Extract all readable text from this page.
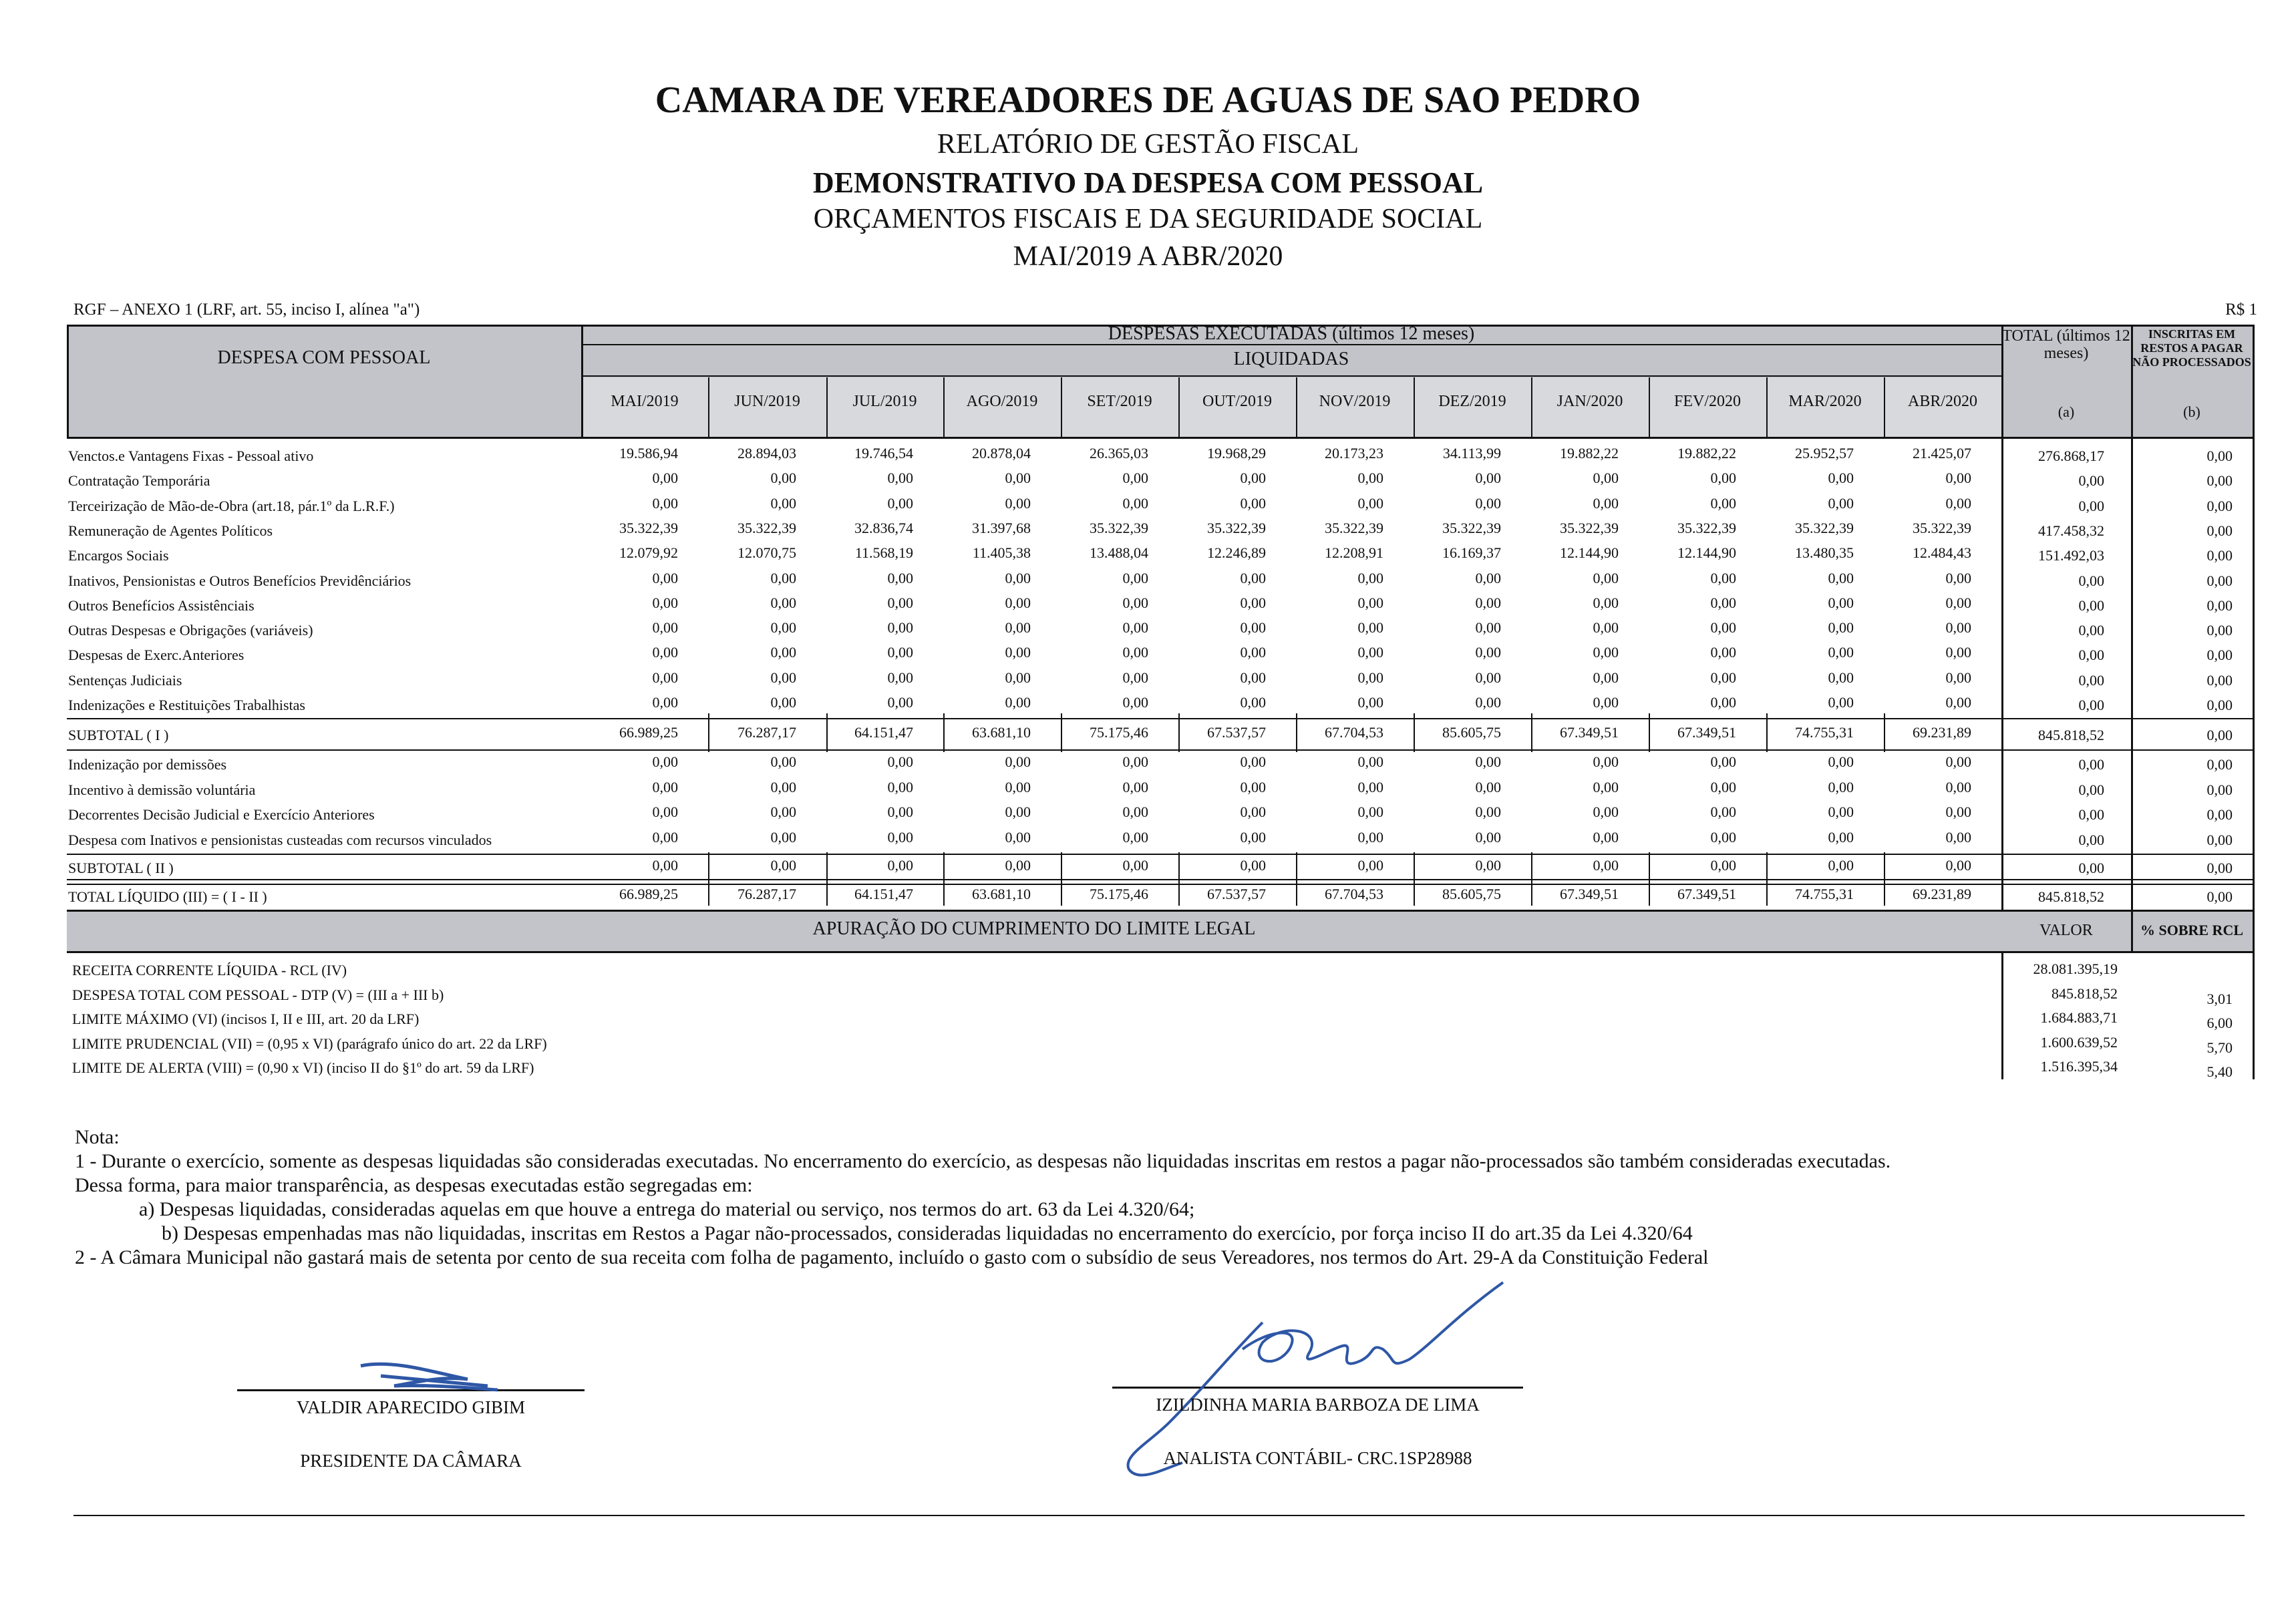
CAMARA DE VEREADORES DE AGUAS DE SAO PEDRO
RELATÓRIO DE GESTÃO FISCAL
DEMONSTRATIVO DA DESPESA COM PESSOAL
ORÇAMENTOS FISCAIS E DA SEGURIDADE SOCIAL
MAI/2019 A ABR/2020
RGF – ANEXO 1 (LRF, art. 55, inciso I, alínea "a")	R$ 1
DESPESA COM PESSOAL
DESPESAS EXECUTADAS (últimos 12 meses)
LIQUIDADAS
MAI/2019	JUN/2019	JUL/2019	AGO/2019	SET/2019	OUT/2019	NOV/2019	DEZ/2019	JAN/2020	FEV/2020	MAR/2020	ABR/2020
TOTAL (últimos 12 meses)
(a)
INSCRITAS EM RESTOS A PAGAR NÃO PROCESSADOS
(b)
Venctos.e Vantagens Fixas - Pessoal ativo	19.586,94	28.894,03	19.746,54	20.878,04	26.365,03	19.968,29	20.173,23	34.113,99	19.882,22	19.882,22	25.952,57	21.425,07	276.868,17	0,00
Contratação Temporária	0,00	0,00	0,00	0,00	0,00	0,00	0,00	0,00	0,00	0,00	0,00	0,00	0,00	0,00
Terceirização de Mão-de-Obra (art.18, pár.1º da L.R.F.)	0,00	0,00	0,00	0,00	0,00	0,00	0,00	0,00	0,00	0,00	0,00	0,00	0,00	0,00
Remuneração de Agentes Políticos	35.322,39	35.322,39	32.836,74	31.397,68	35.322,39	35.322,39	35.322,39	35.322,39	35.322,39	35.322,39	35.322,39	35.322,39	417.458,32	0,00
Encargos Sociais	12.079,92	12.070,75	11.568,19	11.405,38	13.488,04	12.246,89	12.208,91	16.169,37	12.144,90	12.144,90	13.480,35	12.484,43	151.492,03	0,00
Inativos, Pensionistas e Outros Benefícios Previdênciários	0,00	0,00	0,00	0,00	0,00	0,00	0,00	0,00	0,00	0,00	0,00	0,00	0,00	0,00
Outros Benefícios Assistênciais	0,00	0,00	0,00	0,00	0,00	0,00	0,00	0,00	0,00	0,00	0,00	0,00	0,00	0,00
Outras Despesas e Obrigações (variáveis)	0,00	0,00	0,00	0,00	0,00	0,00	0,00	0,00	0,00	0,00	0,00	0,00	0,00	0,00
Despesas de Exerc.Anteriores	0,00	0,00	0,00	0,00	0,00	0,00	0,00	0,00	0,00	0,00	0,00	0,00	0,00	0,00
Sentenças Judiciais	0,00	0,00	0,00	0,00	0,00	0,00	0,00	0,00	0,00	0,00	0,00	0,00	0,00	0,00
Indenizações e Restituições Trabalhistas	0,00	0,00	0,00	0,00	0,00	0,00	0,00	0,00	0,00	0,00	0,00	0,00	0,00	0,00
SUBTOTAL ( I )	66.989,25	76.287,17	64.151,47	63.681,10	75.175,46	67.537,57	67.704,53	85.605,75	67.349,51	67.349,51	74.755,31	69.231,89	845.818,52	0,00
Indenização por demissões	0,00	0,00	0,00	0,00	0,00	0,00	0,00	0,00	0,00	0,00	0,00	0,00	0,00	0,00
Incentivo à demissão voluntária	0,00	0,00	0,00	0,00	0,00	0,00	0,00	0,00	0,00	0,00	0,00	0,00	0,00	0,00
Decorrentes Decisão Judicial e Exercício Anteriores	0,00	0,00	0,00	0,00	0,00	0,00	0,00	0,00	0,00	0,00	0,00	0,00	0,00	0,00
Despesa com Inativos e pensionistas custeadas com recursos vinculados	0,00	0,00	0,00	0,00	0,00	0,00	0,00	0,00	0,00	0,00	0,00	0,00	0,00	0,00
SUBTOTAL ( II )	0,00	0,00	0,00	0,00	0,00	0,00	0,00	0,00	0,00	0,00	0,00	0,00	0,00	0,00
TOTAL LÍQUIDO (III) = ( I - II )	66.989,25	76.287,17	64.151,47	63.681,10	75.175,46	67.537,57	67.704,53	85.605,75	67.349,51	67.349,51	74.755,31	69.231,89	845.818,52	0,00
APURAÇÃO DO CUMPRIMENTO DO LIMITE LEGAL	VALOR	% SOBRE RCL
RECEITA CORRENTE LÍQUIDA - RCL (IV)	28.081.395,19
DESPESA TOTAL COM PESSOAL - DTP (V) = (III a + III b)	845.818,52	3,01
LIMITE MÁXIMO (VI) (incisos I, II e III, art. 20 da LRF)	1.684.883,71	6,00
LIMITE PRUDENCIAL (VII) = (0,95 x VI) (parágrafo único do art. 22 da LRF)	1.600.639,52	5,70
LIMITE DE ALERTA (VIII) = (0,90 x VI) (inciso II do §1º do art. 59 da LRF)	1.516.395,34	5,40
Nota:
1 - Durante o exercício, somente as despesas liquidadas são consideradas executadas. No encerramento do exercício, as despesas não liquidadas inscritas em restos a pagar não-processados são também consideradas executadas.
Dessa forma, para maior transparência, as despesas executadas estão segregadas em:
a) Despesas liquidadas, consideradas aquelas em que houve a entrega do material ou serviço, nos termos do art. 63 da Lei 4.320/64;
b) Despesas empenhadas mas não liquidadas, inscritas em Restos a Pagar não-processados, consideradas liquidadas no encerramento do exercício, por força inciso II do art.35 da Lei 4.320/64
2 - A Câmara Municipal não gastará mais de setenta por cento de sua receita com folha de pagamento, incluído o gasto com o subsídio de seus Vereadores, nos termos do Art. 29-A da Constituição Federal
VALDIR APARECIDO GIBIM
PRESIDENTE DA CÂMARA
IZILDINHA MARIA BARBOZA DE LIMA
ANALISTA CONTÁBIL- CRC.1SP28988
